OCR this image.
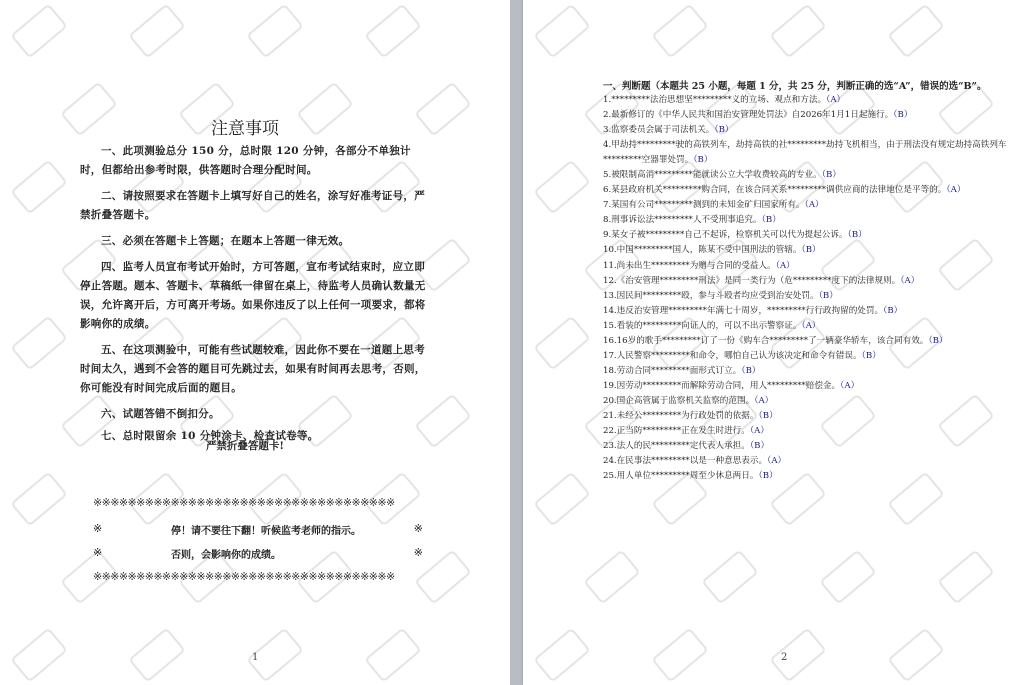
注意事项
一、此项测验总分 150 分，总时限 120 分钟，各部分不单独计时，但都给出参考时限，供答题时合理分配时间。
二、请按照要求在答题卡上填写好自己的姓名，涂写好准考证号，严禁折叠答题卡。
三、必须在答题卡上答题；在题本上答题一律无效。
四、监考人员宣布考试开始时，方可答题，宣布考试结束时，应立即停止答题。题本、答题卡、草稿纸一律留在桌上，待监考人员确认数量无误，允许离开后，方可离开考场。如果你违反了以上任何一项要求，都将影响你的成绩。
五、在这项测验中，可能有些试题较难，因此你不要在一道题上思考时间太久，遇到不会答的题目可先跳过去，如果有时间再去思考，否则，你可能没有时间完成后面的题目。
六、试题答错不倒扣分。
七、总时限留余 10 分钟涂卡、检查试卷等。
严禁折叠答题卡!
※※※※※※※※※※※※※※※※※※※※※※※※※※※※※※※※※※※
※	停！请不要往下翻！听候监考老师的指示。	※
※	否则，会影响你的成绩。	※
※※※※※※※※※※※※※※※※※※※※※※※※※※※※※※※※※※※
1
一、判断题（本题共 25 小题，每题 1 分，共 25 分，判断正确的选“A”，错误的选“B”。
1.*********法治思想坚*********义的立场、观点和方法。（A）
2.最新修订的《中华人民共和国治安管理处罚法》自2026年1月1日起施行。（B）
3.监察委员会属于司法机关。（B）
4.甲劫持*********驶的高铁列车，劫持高铁的社*********劫持飞机相当，由于刑法没有规定劫持高铁列车*********空器罪处罚。（B）
5.被限制高消*********能就读公立大学收费较高的专业。（B）
6.某县政府机关*********购合同，在该合同关系*********调供应商的法律地位是平等的。（A）
7.某国有公司*********测到的未知金矿归国家所有。（A）
8.刑事诉讼法*********人不受刑事追究。（B）
9.某女子被*********自己不起诉，检察机关可以代为提起公诉。（B）
10.中国*********国人，陈某不受中国刑法的管辖。（B）
11.尚未出生*********为赠与合同的受益人。（A）
12.《治安管理*********刑法》是同一类行为（危*********度下的法律规则。（A）
13.因民间*********殴，参与斗殴者均应受到治安处罚。（B）
14.违反治安管理*********年满七十周岁，*********行行政拘留的处罚。（B）
15.看装的*********向证人的，可以不出示警察证。（A）
16.16岁的歌手*********订了一份《购车合*********了一辆豪华轿车，该合同有效。（B）
17.人民警察*********和命令，哪怕自己认为该决定和命令有错误。（B）
18.劳动合同*********面形式订立。（B）
19.因劳动*********而解除劳动合同，用人*********赔偿金。（A）
20.国企高管属于监察机关监察的范围。（A）
21.未经公*********为行政处罚的依据。（B）
22.正当防*********正在发生时进行。（A）
23.法人的民*********定代表人承担。（B）
24.在民事法*********以是一种意思表示。（A）
25.用人单位*********周至少休息两日。（B）
2
